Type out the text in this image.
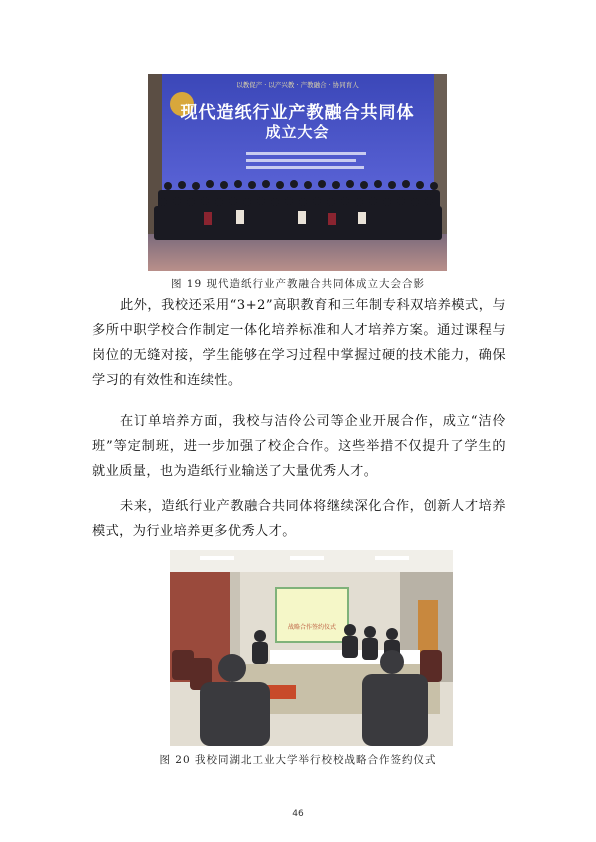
以教促产 · 以产兴教 · 产教融合 · 协同育人
现代造纸行业产教融合共同体
成立大会
图 19 现代造纸行业产教融合共同体成立大会合影

此外，我校还采用“3+2”高职教育和三年制专科双培养模式，与多所中职学校合作制定一体化培养标准和人才培养方案。通过课程与岗位的无缝对接，学生能够在学习过程中掌握过硬的技术能力，确保学习的有效性和连续性。

在订单培养方面，我校与洁伶公司等企业开展合作，成立“洁伶班”等定制班，进一步加强了校企合作。这些举措不仅提升了学生的就业质量，也为造纸行业输送了大量优秀人才。

未来，造纸行业产教融合共同体将继续深化合作，创新人才培养模式，为行业培养更多优秀人才。

战略合作签约仪式
图 20 我校同湖北工业大学举行校校战略合作签约仪式
46
